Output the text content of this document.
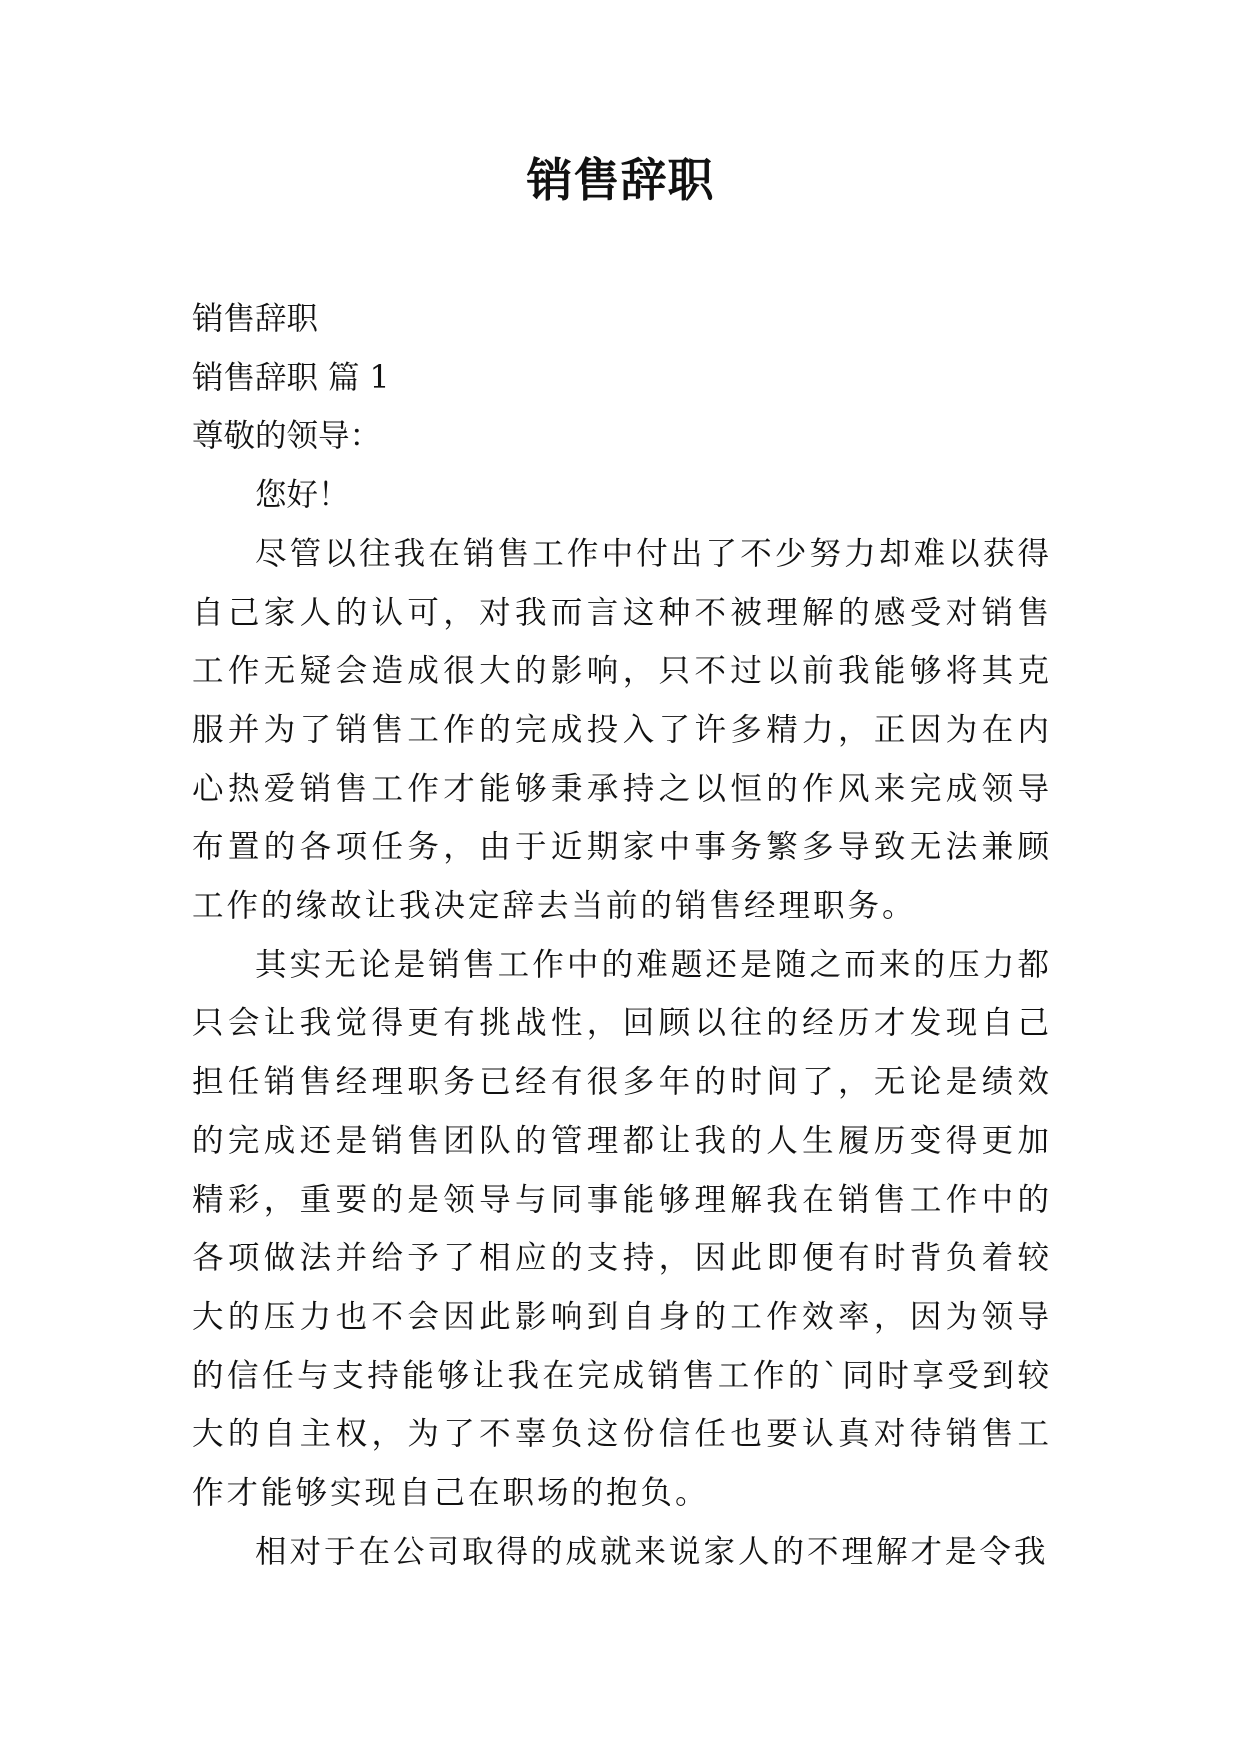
销售辞职

销售辞职

销售辞职 篇 1

尊敬的领导：

您好！

尽管以往我在销售工作中付出了不少努力却难以获得自己家人的认可，对我而言这种不被理解的感受对销售工作无疑会造成很大的影响，只不过以前我能够将其克服并为了销售工作的完成投入了许多精力，正因为在内心热爱销售工作才能够秉承持之以恒的作风来完成领导布置的各项任务，由于近期家中事务繁多导致无法兼顾工作的缘故让我决定辞去当前的销售经理职务。

其实无论是销售工作中的难题还是随之而来的压力都只会让我觉得更有挑战性，回顾以往的经历才发现自己担任销售经理职务已经有很多年的时间了，无论是绩效的完成还是销售团队的管理都让我的人生履历变得更加精彩，重要的是领导与同事能够理解我在销售工作中的各项做法并给予了相应的支持，因此即便有时背负着较大的压力也不会因此影响到自身的工作效率，因为领导的信任与支持能够让我在完成销售工作的`同时享受到较大的自主权，为了不辜负这份信任也要认真对待销售工作才能够实现自己在职场的抱负。

相对于在公司取得的成就来说家人的不理解才是令我
